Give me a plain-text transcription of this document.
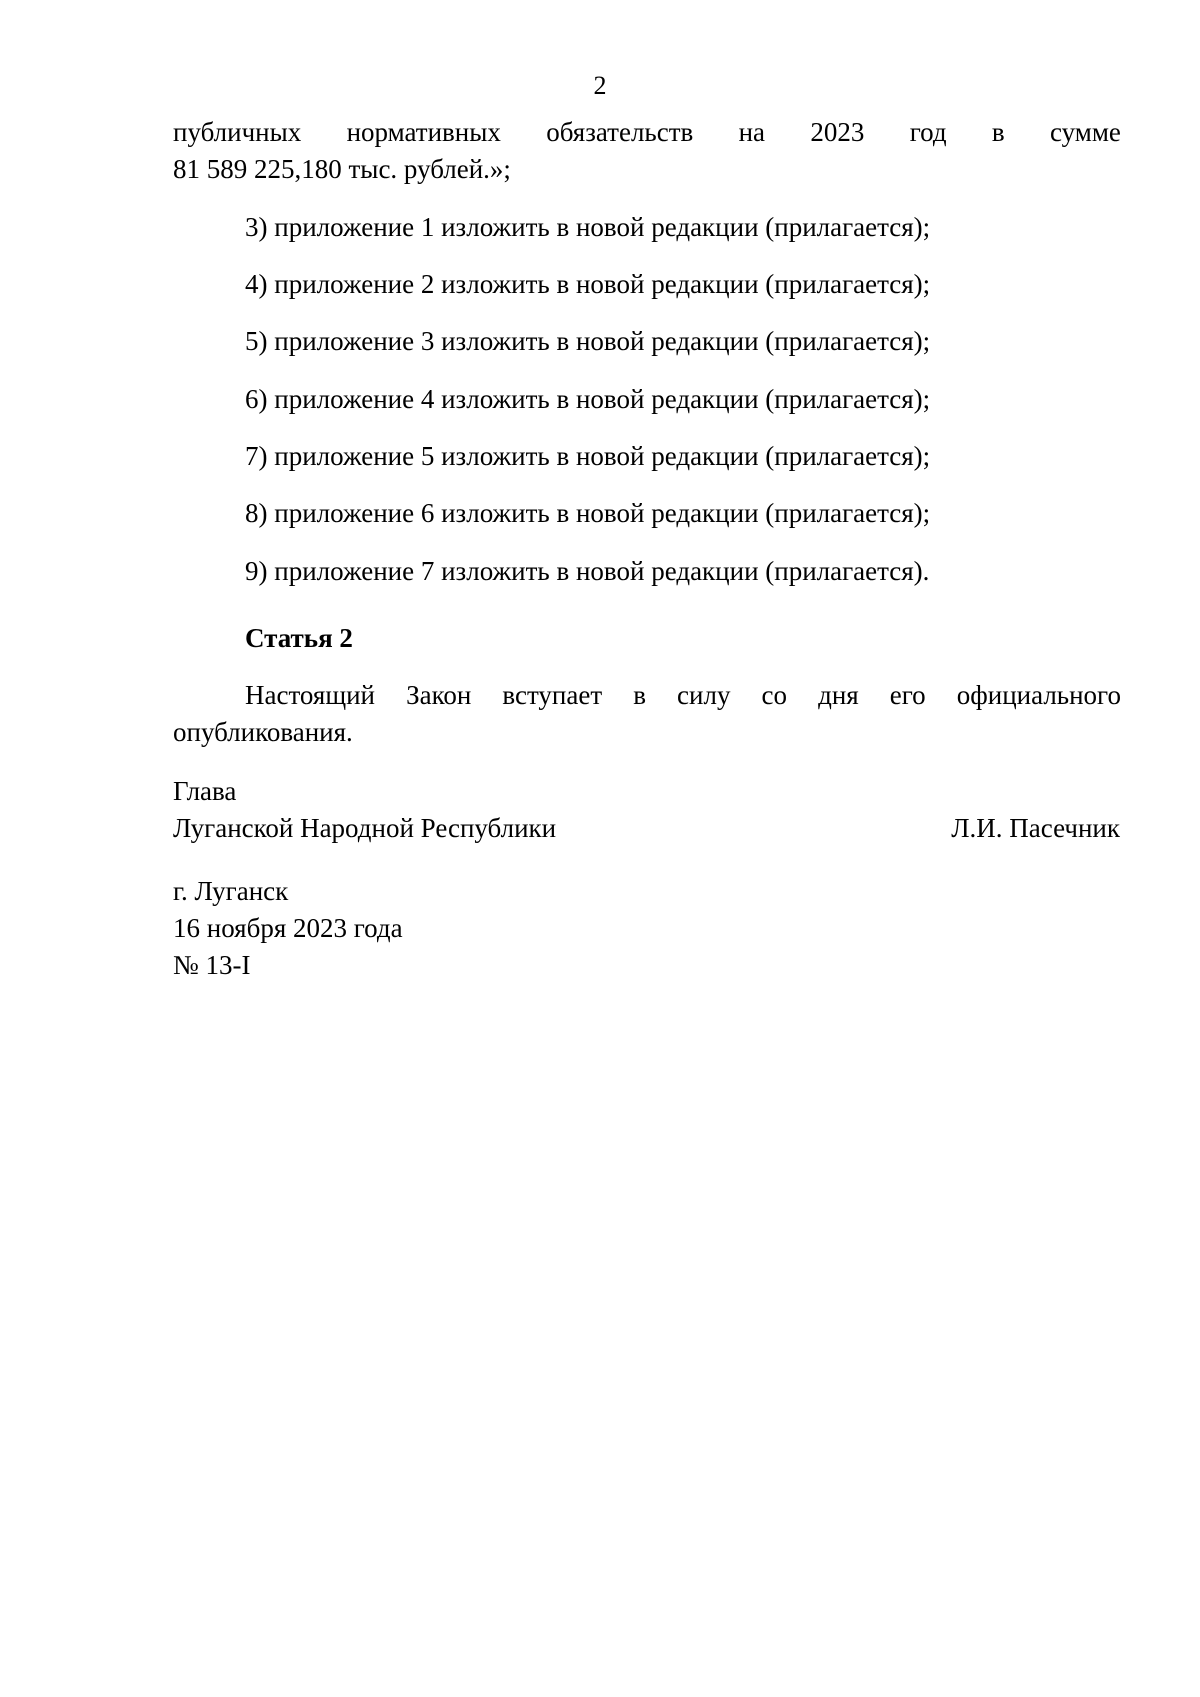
2
публичных нормативных обязательств на 2023 год в сумме
81 589 225,180 тыс. рублей.»;
3) приложение 1 изложить в новой редакции (прилагается);
4) приложение 2 изложить в новой редакции (прилагается);
5) приложение 3 изложить в новой редакции (прилагается);
6) приложение 4 изложить в новой редакции (прилагается);
7) приложение 5 изложить в новой редакции (прилагается);
8) приложение 6 изложить в новой редакции (прилагается);
9) приложение 7 изложить в новой редакции (прилагается).
Статья 2
Настоящий Закон вступает в силу со дня его официального
опубликования.
Глава
Луганской Народной Республики	Л.И. Пасечник
г. Луганск
16 ноября 2023 года
№ 13-I
